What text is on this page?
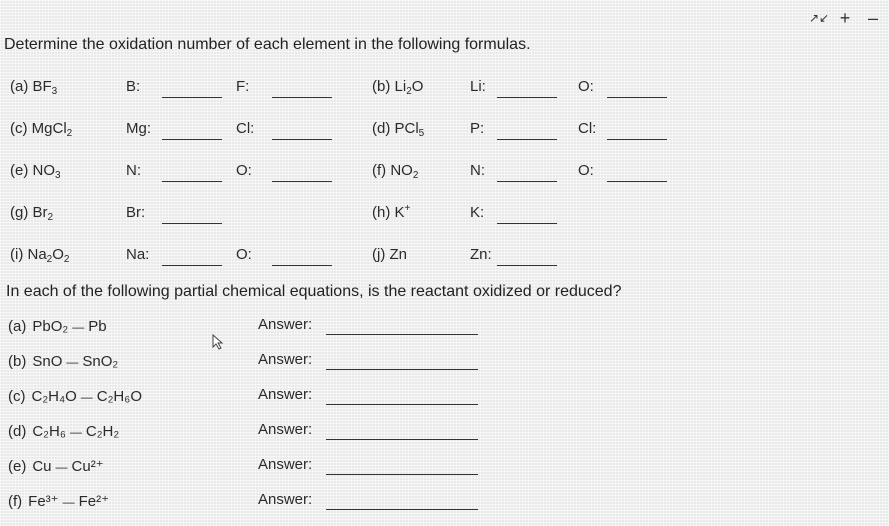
↗↙ + –
Determine the oxidation number of each element in the following formulas.
In each of the following partial chemical equations, is the reactant oxidized or reduced?
(a) $BF_3$	B:	F:	(b) $Li_2O$	Li:	O:
(c) MgCl$_2$	Mg:	Cl:	(d) PCl$_5$	P:	Cl:
(e) $NO_3$	N:	O:	(f) $NO_2$	N:	O:
(g) $Br_2$	Br:	(h) K+	K:
(i) $Na_2O_2$	Na:	O:	(j) Zn	Zn:
(a) PbO₂ — Pb	Answer:
(b) SnO — SnO₂	Answer:
(c) C₂H₄O — C₂H₆O	Answer:
(d) C₂H₆ — C₂H₂	Answer:
(e) Cu — Cu²⁺	Answer:
(f) Fe³⁺ — Fe²⁺	Answer:
